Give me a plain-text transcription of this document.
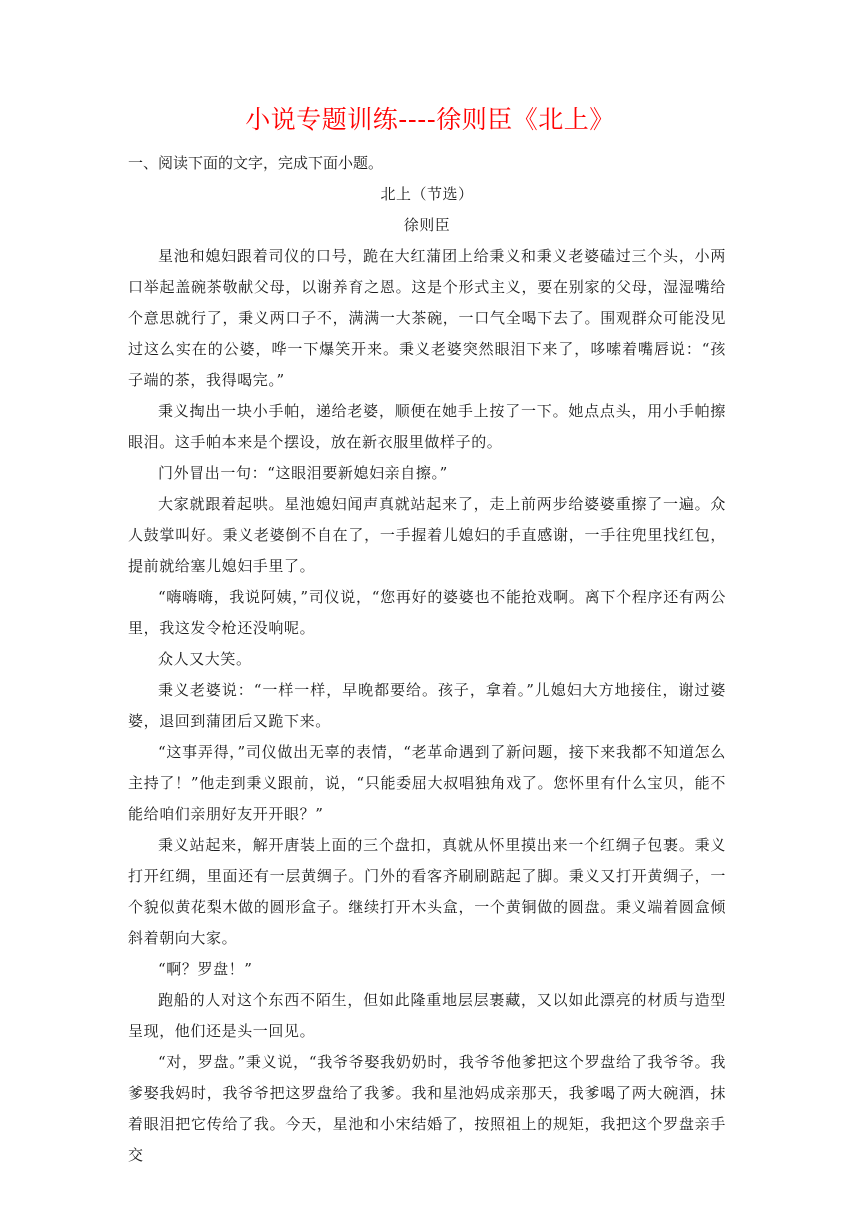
小说专题训练----徐则臣《北上》

一、阅读下面的文字，完成下面小题。

北上（节选）

徐则臣

星池和媳妇跟着司仪的口号，跪在大红蒲团上给秉义和秉义老婆磕过三个头，小两口举起盖碗茶敬献父母，以谢养育之恩。这是个形式主义，要在别家的父母，湿湿嘴给个意思就行了，秉义两口子不，满满一大茶碗，一口气全喝下去了。围观群众可能没见过这么实在的公婆，哗一下爆笑开来。秉义老婆突然眼泪下来了，哆嗦着嘴唇说：“孩子端的茶，我得喝完。”

秉义掏出一块小手帕，递给老婆，顺便在她手上按了一下。她点点头，用小手帕擦眼泪。这手帕本来是个摆设，放在新衣服里做样子的。

门外冒出一句：“这眼泪要新媳妇亲自擦。”

大家就跟着起哄。星池媳妇闻声真就站起来了，走上前两步给婆婆重擦了一遍。众人鼓掌叫好。秉义老婆倒不自在了，一手握着儿媳妇的手直感谢，一手往兜里找红包，提前就给塞儿媳妇手里了。

“嗨嗨嗨，我说阿姨，”司仪说，“您再好的婆婆也不能抢戏啊。离下个程序还有两公里，我这发令枪还没响呢。

众人又大笑。

秉义老婆说：“一样一样，早晚都要给。孩子，拿着。”儿媳妇大方地接住，谢过婆婆，退回到蒲团后又跪下来。

“这事弄得，”司仪做出无辜的表情，“老革命遇到了新问题，接下来我都不知道怎么主持了！”他走到秉义跟前，说，“只能委屈大叔唱独角戏了。您怀里有什么宝贝，能不能给咱们亲朋好友开开眼？”

秉义站起来，解开唐装上面的三个盘扣，真就从怀里摸出来一个红绸子包裹。秉义打开红绸，里面还有一层黄绸子。门外的看客齐刷刷踮起了脚。秉义又打开黄绸子，一个貌似黄花梨木做的圆形盒子。继续打开木头盒，一个黄铜做的圆盘。秉义端着圆盒倾斜着朝向大家。

“啊？罗盘！”

跑船的人对这个东西不陌生，但如此隆重地层层裹藏，又以如此漂亮的材质与造型呈现，他们还是头一回见。

“对，罗盘。”秉义说，“我爷爷娶我奶奶时，我爷爷他爹把这个罗盘给了我爷爷。我爹娶我妈时，我爷爷把这罗盘给了我爹。我和星池妈成亲那天，我爹喝了两大碗酒，抹着眼泪把它传给了我。今天，星池和小宋结婚了，按照祖上的规矩，我把这个罗盘亲手交
